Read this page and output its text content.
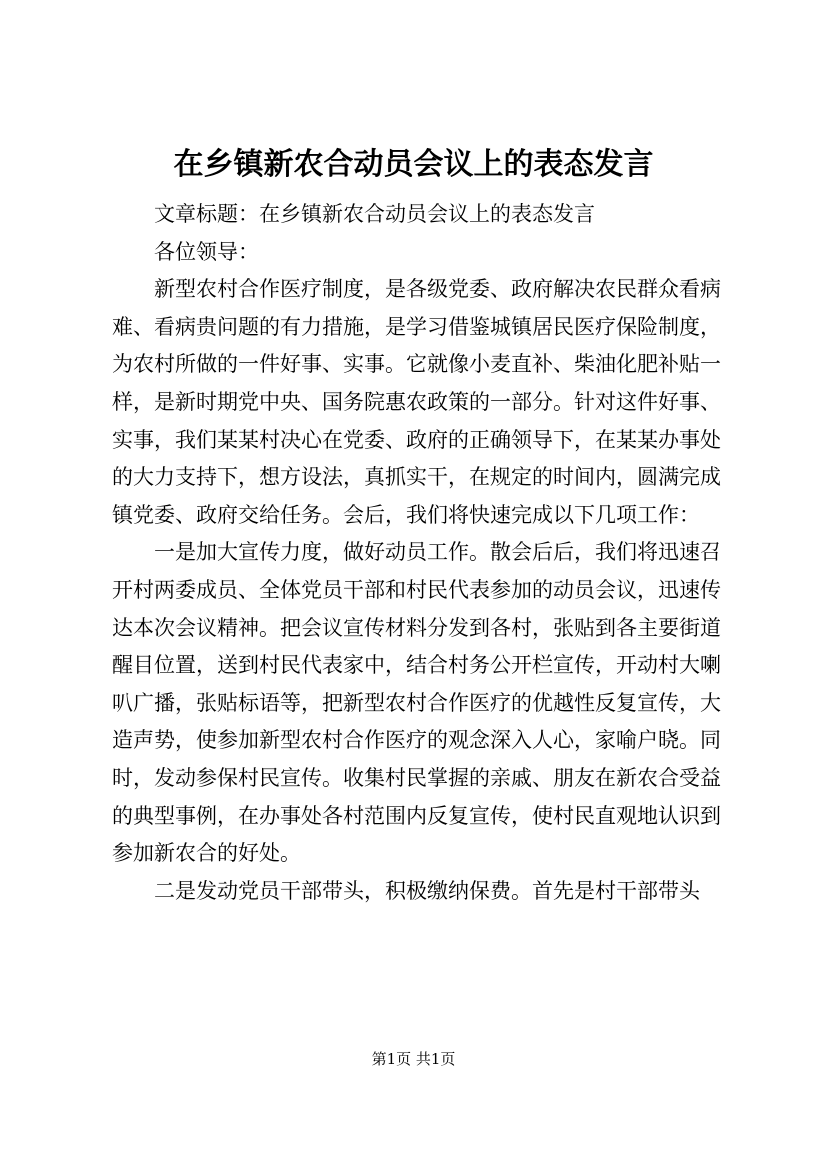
在乡镇新农合动员会议上的表态发言

文章标题：在乡镇新农合动员会议上的表态发言

各位领导：

新型农村合作医疗制度，是各级党委、政府解决农民群众看病难、看病贵问题的有力措施，是学习借鉴城镇居民医疗保险制度，为农村所做的一件好事、实事。它就像小麦直补、柴油化肥补贴一样，是新时期党中央、国务院惠农政策的一部分。针对这件好事、实事，我们某某村决心在党委、政府的正确领导下，在某某办事处的大力支持下，想方设法，真抓实干，在规定的时间内，圆满完成镇党委、政府交给任务。会后，我们将快速完成以下几项工作：

一是加大宣传力度，做好动员工作。散会后后，我们将迅速召开村两委成员、全体党员干部和村民代表参加的动员会议，迅速传达本次会议精神。把会议宣传材料分发到各村，张贴到各主要街道醒目位置，送到村民代表家中，结合村务公开栏宣传，开动村大喇叭广播，张贴标语等，把新型农村合作医疗的优越性反复宣传，大造声势，使参加新型农村合作医疗的观念深入人心，家喻户晓。同时，发动参保村民宣传。收集村民掌握的亲戚、朋友在新农合受益的典型事例，在办事处各村范围内反复宣传，使村民直观地认识到参加新农合的好处。

二是发动党员干部带头，积极缴纳保费。首先是村干部带头

第1页 共1页
